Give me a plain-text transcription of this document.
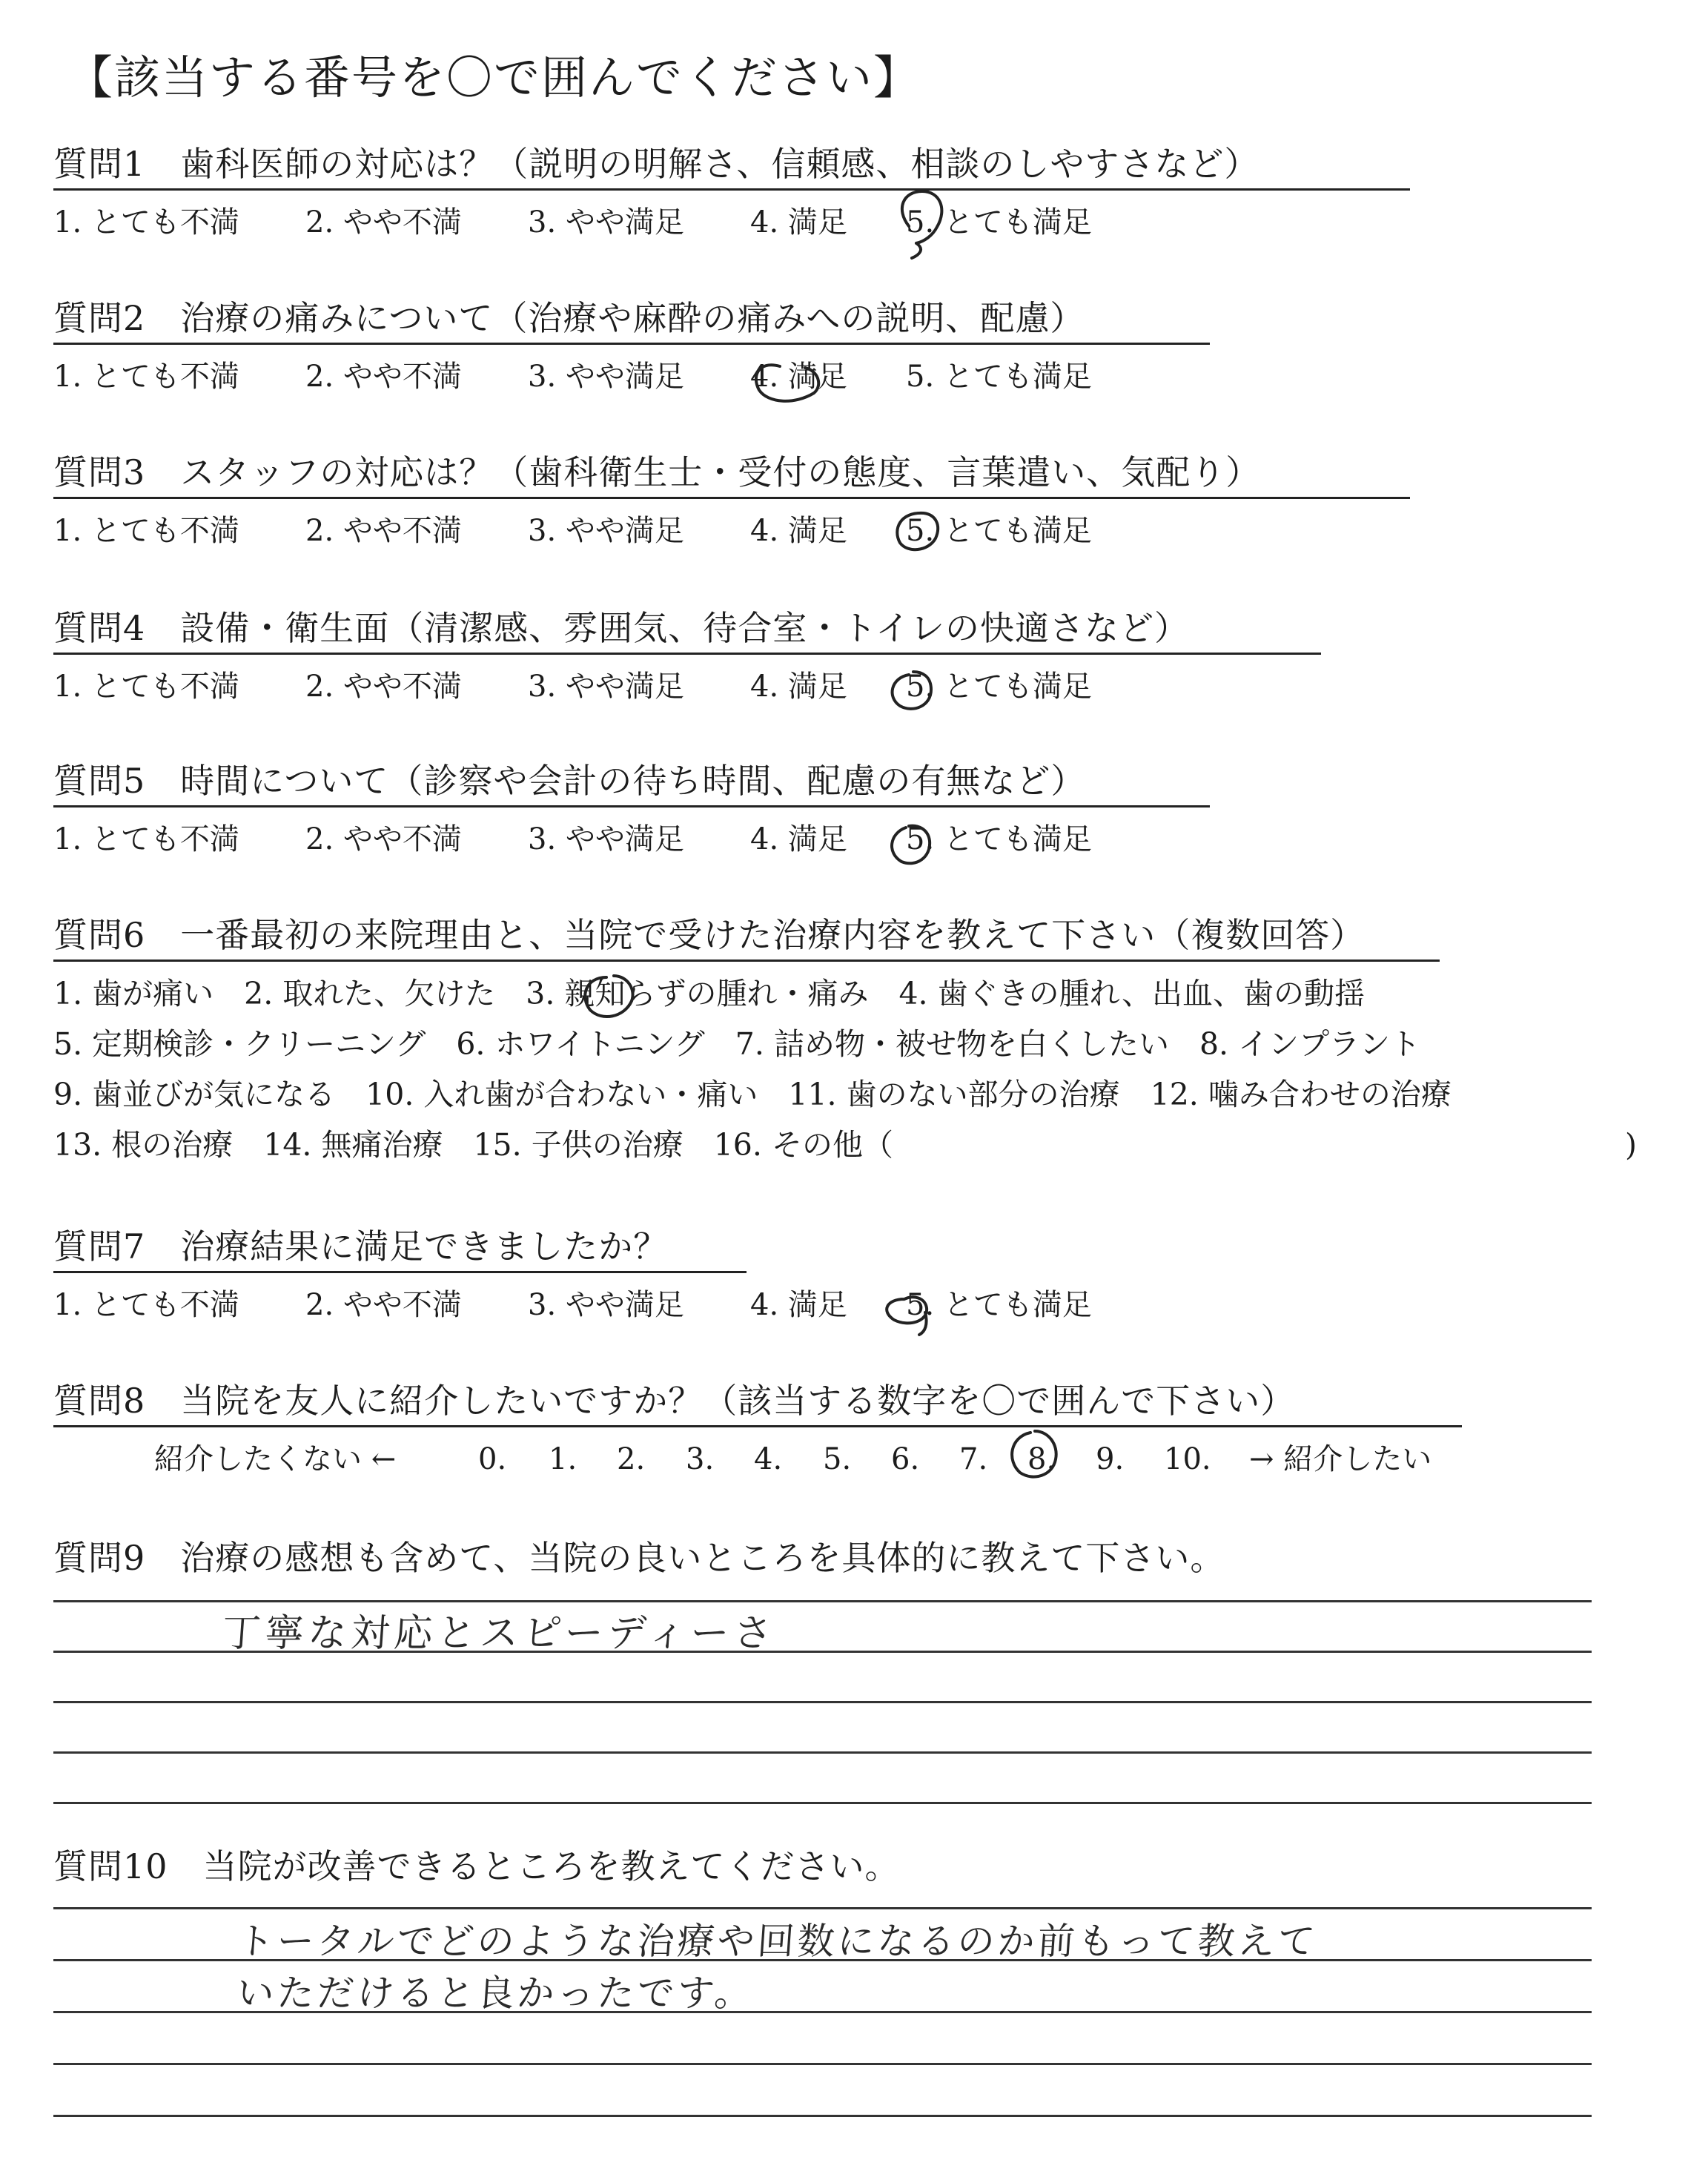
【該当する番号を〇で囲んでください】
質問1　歯科医師の対応は？（説明の明解さ、信頼感、相談のしやすさなど）
1. とても不満 2. やや不満 3. やや満足 4. 満足 5. とても満足
質問2　治療の痛みについて（治療や麻酔の痛みへの説明、配慮）
1. とても不満 2. やや不満 3. やや満足 4. 満足 5. とても満足
質問3　スタッフの対応は？（歯科衛生士・受付の態度、言葉遣い、気配り）
1. とても不満 2. やや不満 3. やや満足 4. 満足 5. とても満足
質問4　設備・衛生面（清潔感、雰囲気、待合室・トイレの快適さなど）
1. とても不満 2. やや不満 3. やや満足 4. 満足 5. とても満足
質問5　時間について（診察や会計の待ち時間、配慮の有無など）
1. とても不満 2. やや不満 3. やや満足 4. 満足 5. とても満足
質問6　一番最初の来院理由と、当院で受けた治療内容を教えて下さい（複数回答）
1. 歯が痛い　2. 取れた、欠けた　3. 親知らずの腫れ・痛み　4. 歯ぐきの腫れ、出血、歯の動揺
5. 定期検診・クリーニング　6. ホワイトニング　7. 詰め物・被せ物を白くしたい　8. インプラント
9. 歯並びが気になる　10. 入れ歯が合わない・痛い　11. 歯のない部分の治療　12. 噛み合わせの治療
13. 根の治療　14. 無痛治療　15. 子供の治療　16. その他（	)
質問7　治療結果に満足できましたか？
1. とても不満 2. やや不満 3. やや満足 4. 満足 5. とても満足
質問8　当院を友人に紹介したいですか？（該当する数字を〇で囲んで下さい）
紹介したくない ←	0. 1. 2. 3. 4. 5. 6. 7. 8. 9. 10. → 紹介したい
質問9　治療の感想も含めて、当院の良いところを具体的に教えて下さい。
丁寧な対応とスピーディーさ
質問10　当院が改善できるところを教えてください。
トータルでどのような治療や回数になるのか前もって教えて
いただけると良かったです。
